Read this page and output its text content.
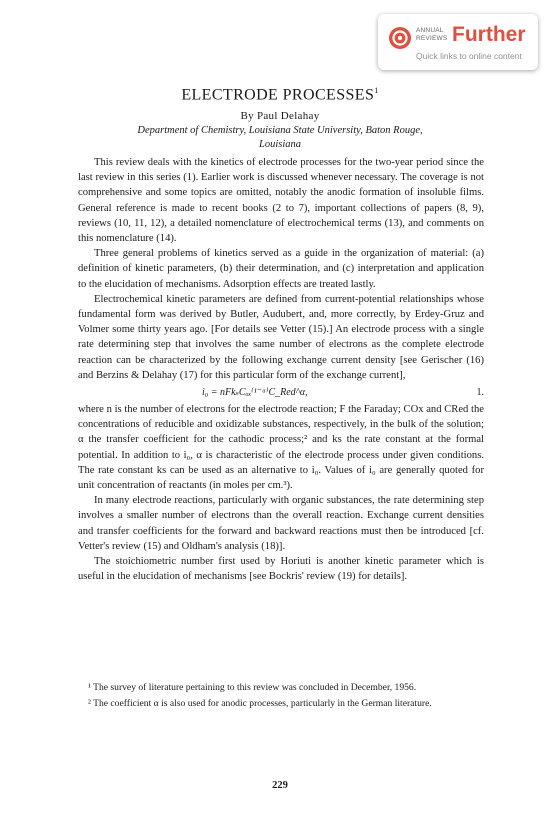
ANNUAL
REVIEWS Further
Quick links to online content
ELECTRODE PROCESSES$^1$
By Paul Delahay
Department of Chemistry, Louisiana State University, Baton Rouge,
Louisiana

This review deals with the kinetics of electrode processes for the two-year period since the last review in this series (1). Earlier work is discussed whenever necessary. The coverage is not comprehensive and some topics are omitted, notably the anodic formation of insoluble films. General reference is made to recent books (2 to 7), important collections of papers (8, 9), reviews (10, 11, 12), a detailed nomenclature of electrochemical terms (13), and comments on this nomenclature (14).

Three general problems of kinetics served as a guide in the organization of material: (a) definition of kinetic parameters, (b) their determination, and (c) interpretation and application to the elucidation of mechanisms. Adsorption effects are treated lastly.

Electrochemical kinetic parameters are defined from current-potential relationships whose fundamental form was derived by Butler, Audubert, and, more correctly, by Erdey-Gruz and Volmer some thirty years ago. [For details see Vetter (15).] An electrode process with a single rate determining step that involves the same number of electrons as the complete electrode reaction can be characterized by the following exchange current density [see Gerischer (16) and Berzins & Delahay (17) for this particular form of the exchange current],

i₀ = nFkₛCₒₓ⁽¹⁻ᵅ⁾C_Red^α,	1.

where n is the number of electrons for the electrode reaction; F the Faraday; COx and CRed the concentrations of reducible and oxidizable substances, respectively, in the bulk of the solution; α the transfer coefficient for the cathodic process;² and ks the rate constant at the formal potential. In addition to i₀, α is characteristic of the electrode process under given conditions. The rate constant ks can be used as an alternative to i₀. Values of i₀ are generally quoted for unit concentration of reactants (in moles per cm.³).

In many electrode reactions, particularly with organic substances, the rate determining step involves a smaller number of electrons than the overall reaction. Exchange current densities and transfer coefficients for the forward and backward reactions must then be introduced [cf. Vetter's review (15) and Oldham's analysis (18)].

The stoichiometric number first used by Horiuti is another kinetic parameter which is useful in the elucidation of mechanisms [see Bockris' review (19) for details].

¹ The survey of literature pertaining to this review was concluded in December, 1956.

² The coefficient α is also used for anodic processes, particularly in the German literature.

229
